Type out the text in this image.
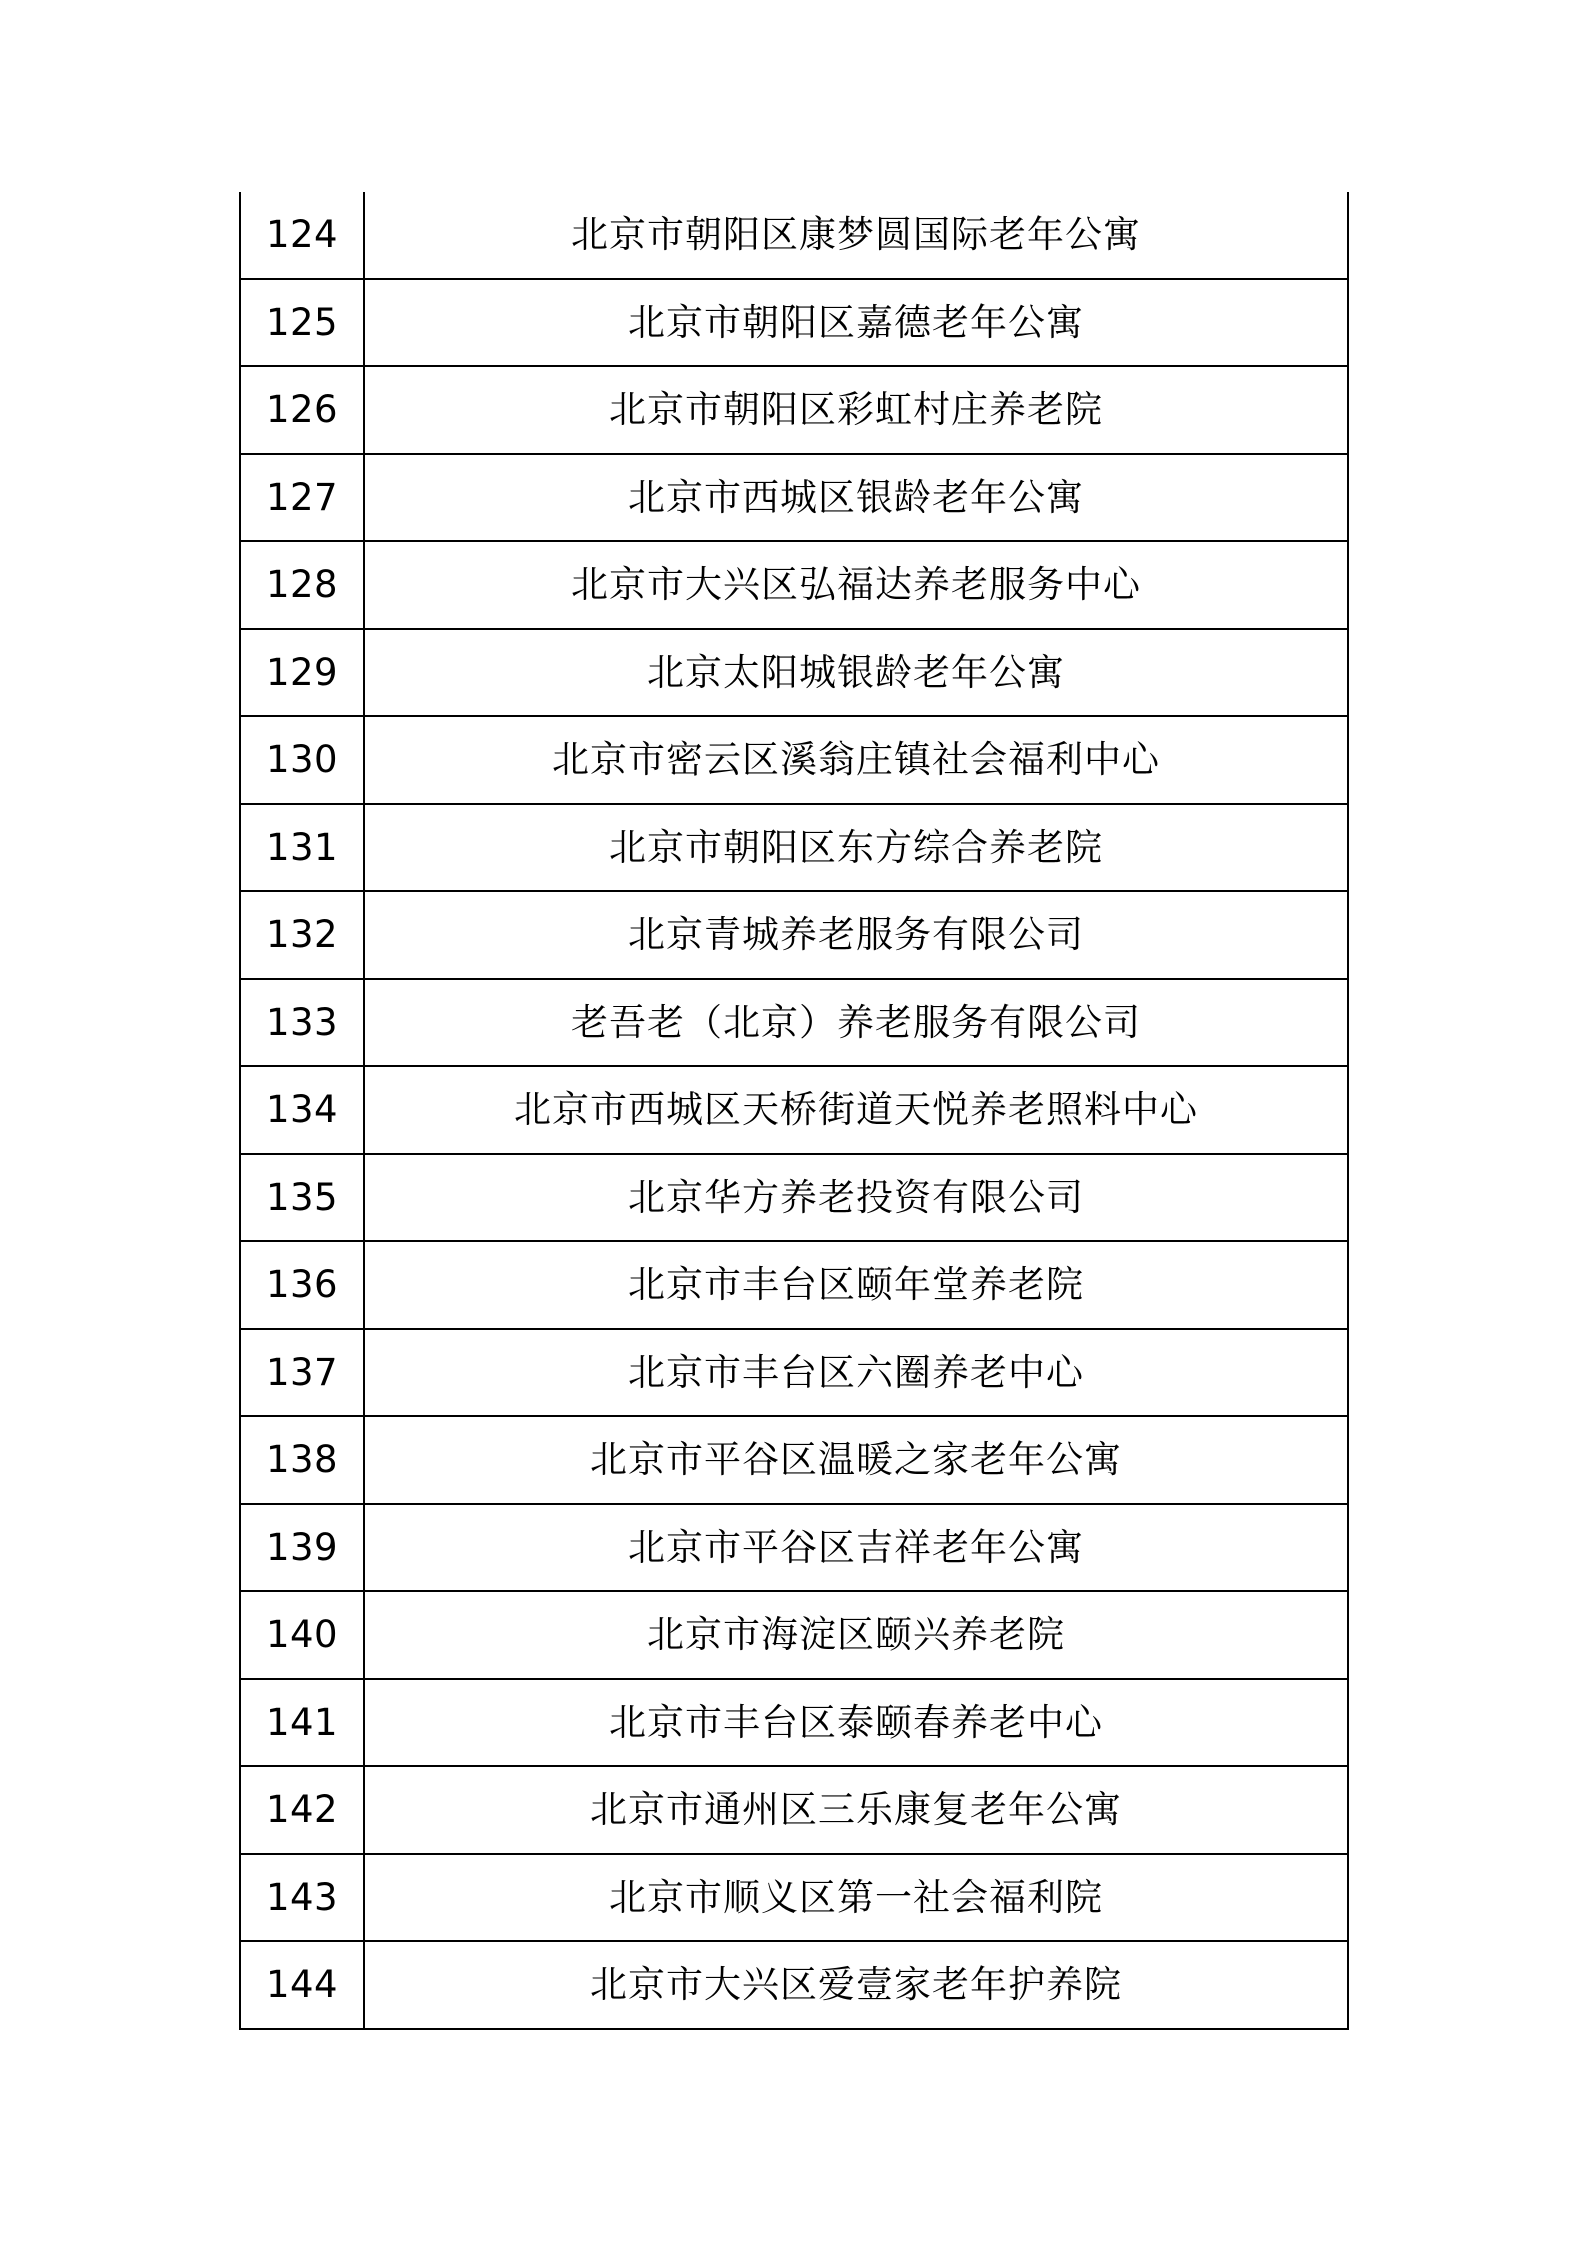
124	北京市朝阳区康梦圆国际老年公寓
125	北京市朝阳区嘉德老年公寓
126	北京市朝阳区彩虹村庄养老院
127	北京市西城区银龄老年公寓
128	北京市大兴区弘福达养老服务中心
129	北京太阳城银龄老年公寓
130	北京市密云区溪翁庄镇社会福利中心
131	北京市朝阳区东方综合养老院
132	北京青城养老服务有限公司
133	老吾老（北京）养老服务有限公司
134	北京市西城区天桥街道天悦养老照料中心
135	北京华方养老投资有限公司
136	北京市丰台区颐年堂养老院
137	北京市丰台区六圈养老中心
138	北京市平谷区温暖之家老年公寓
139	北京市平谷区吉祥老年公寓
140	北京市海淀区颐兴养老院
141	北京市丰台区泰颐春养老中心
142	北京市通州区三乐康复老年公寓
143	北京市顺义区第一社会福利院
144	北京市大兴区爱壹家老年护养院
